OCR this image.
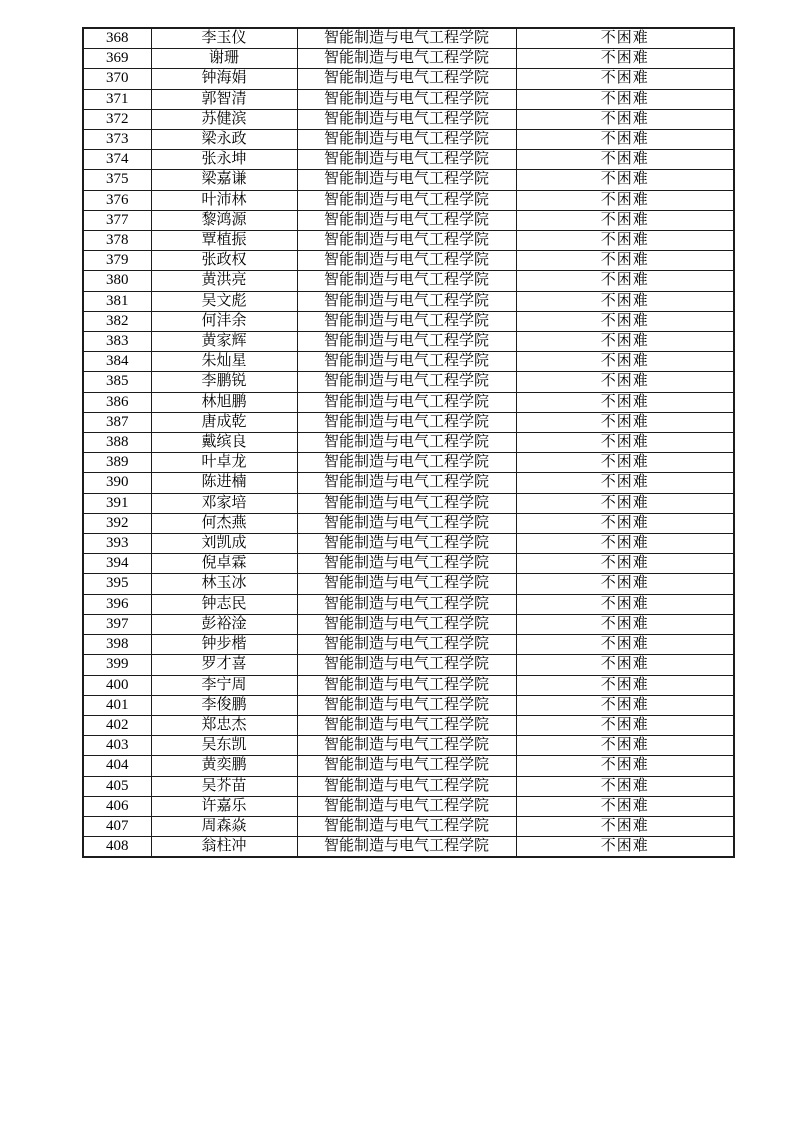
368	李玉仪	智能制造与电气工程学院	不困难
369	谢珊	智能制造与电气工程学院	不困难
370	钟海娟	智能制造与电气工程学院	不困难
371	郭智清	智能制造与电气工程学院	不困难
372	苏健滨	智能制造与电气工程学院	不困难
373	梁永政	智能制造与电气工程学院	不困难
374	张永坤	智能制造与电气工程学院	不困难
375	梁嘉谦	智能制造与电气工程学院	不困难
376	叶沛林	智能制造与电气工程学院	不困难
377	黎鸿源	智能制造与电气工程学院	不困难
378	覃植振	智能制造与电气工程学院	不困难
379	张政权	智能制造与电气工程学院	不困难
380	黄洪亮	智能制造与电气工程学院	不困难
381	吴文彪	智能制造与电气工程学院	不困难
382	何沣余	智能制造与电气工程学院	不困难
383	黄家辉	智能制造与电气工程学院	不困难
384	朱灿星	智能制造与电气工程学院	不困难
385	李鹏锐	智能制造与电气工程学院	不困难
386	林旭鹏	智能制造与电气工程学院	不困难
387	唐成乾	智能制造与电气工程学院	不困难
388	戴缤良	智能制造与电气工程学院	不困难
389	叶卓龙	智能制造与电气工程学院	不困难
390	陈进楠	智能制造与电气工程学院	不困难
391	邓家培	智能制造与电气工程学院	不困难
392	何杰燕	智能制造与电气工程学院	不困难
393	刘凯成	智能制造与电气工程学院	不困难
394	倪卓霖	智能制造与电气工程学院	不困难
395	林玉冰	智能制造与电气工程学院	不困难
396	钟志民	智能制造与电气工程学院	不困难
397	彭裕淦	智能制造与电气工程学院	不困难
398	钟步楷	智能制造与电气工程学院	不困难
399	罗才喜	智能制造与电气工程学院	不困难
400	李宁周	智能制造与电气工程学院	不困难
401	李俊鹏	智能制造与电气工程学院	不困难
402	郑忠杰	智能制造与电气工程学院	不困难
403	吴东凯	智能制造与电气工程学院	不困难
404	黄奕鹏	智能制造与电气工程学院	不困难
405	吴芥苗	智能制造与电气工程学院	不困难
406	许嘉乐	智能制造与电气工程学院	不困难
407	周森焱	智能制造与电气工程学院	不困难
408	翁柱冲	智能制造与电气工程学院	不困难
